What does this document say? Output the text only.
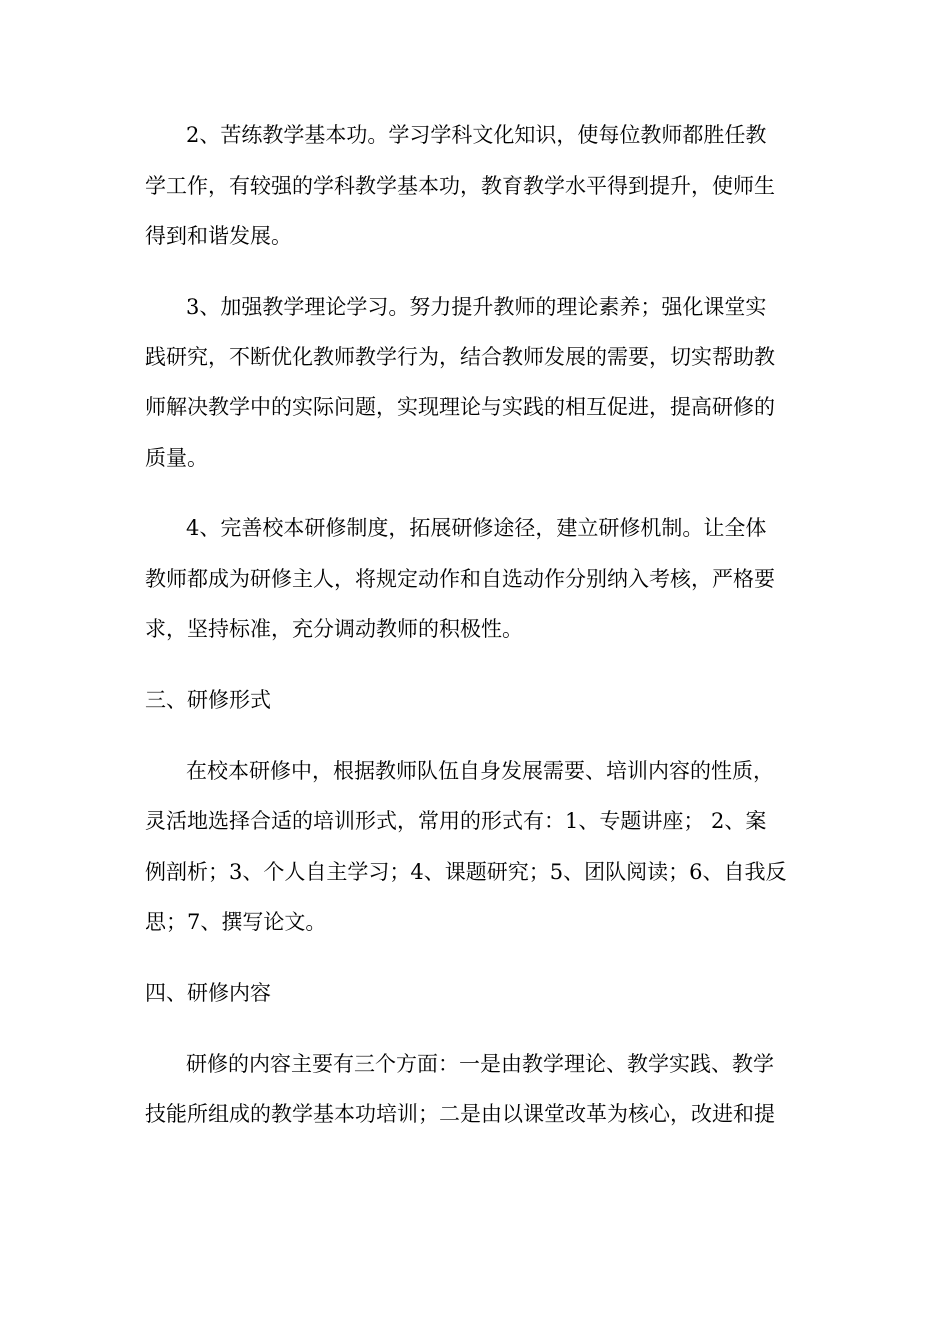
2、苦练教学基本功。学习学科文化知识，使每位教师都胜任教
学工作，有较强的学科教学基本功，教育教学水平得到提升，使师生
得到和谐发展。
3、加强教学理论学习。努力提升教师的理论素养；强化课堂实
践研究，不断优化教师教学行为，结合教师发展的需要，切实帮助教
师解决教学中的实际问题，实现理论与实践的相互促进，提高研修的
质量。
4、完善校本研修制度，拓展研修途径，建立研修机制。让全体
教师都成为研修主人，将规定动作和自选动作分别纳入考核，严格要
求，坚持标准，充分调动教师的积极性。
三、研修形式
在校本研修中，根据教师队伍自身发展需要、培训内容的性质，
灵活地选择合适的培训形式，常用的形式有：1、专题讲座； 2、案
例剖析；3、个人自主学习；4、课题研究；5、团队阅读；6、自我反
思；7、撰写论文。
四、研修内容
研修的内容主要有三个方面：一是由教学理论、教学实践、教学
技能所组成的教学基本功培训；二是由以课堂改革为核心，改进和提
